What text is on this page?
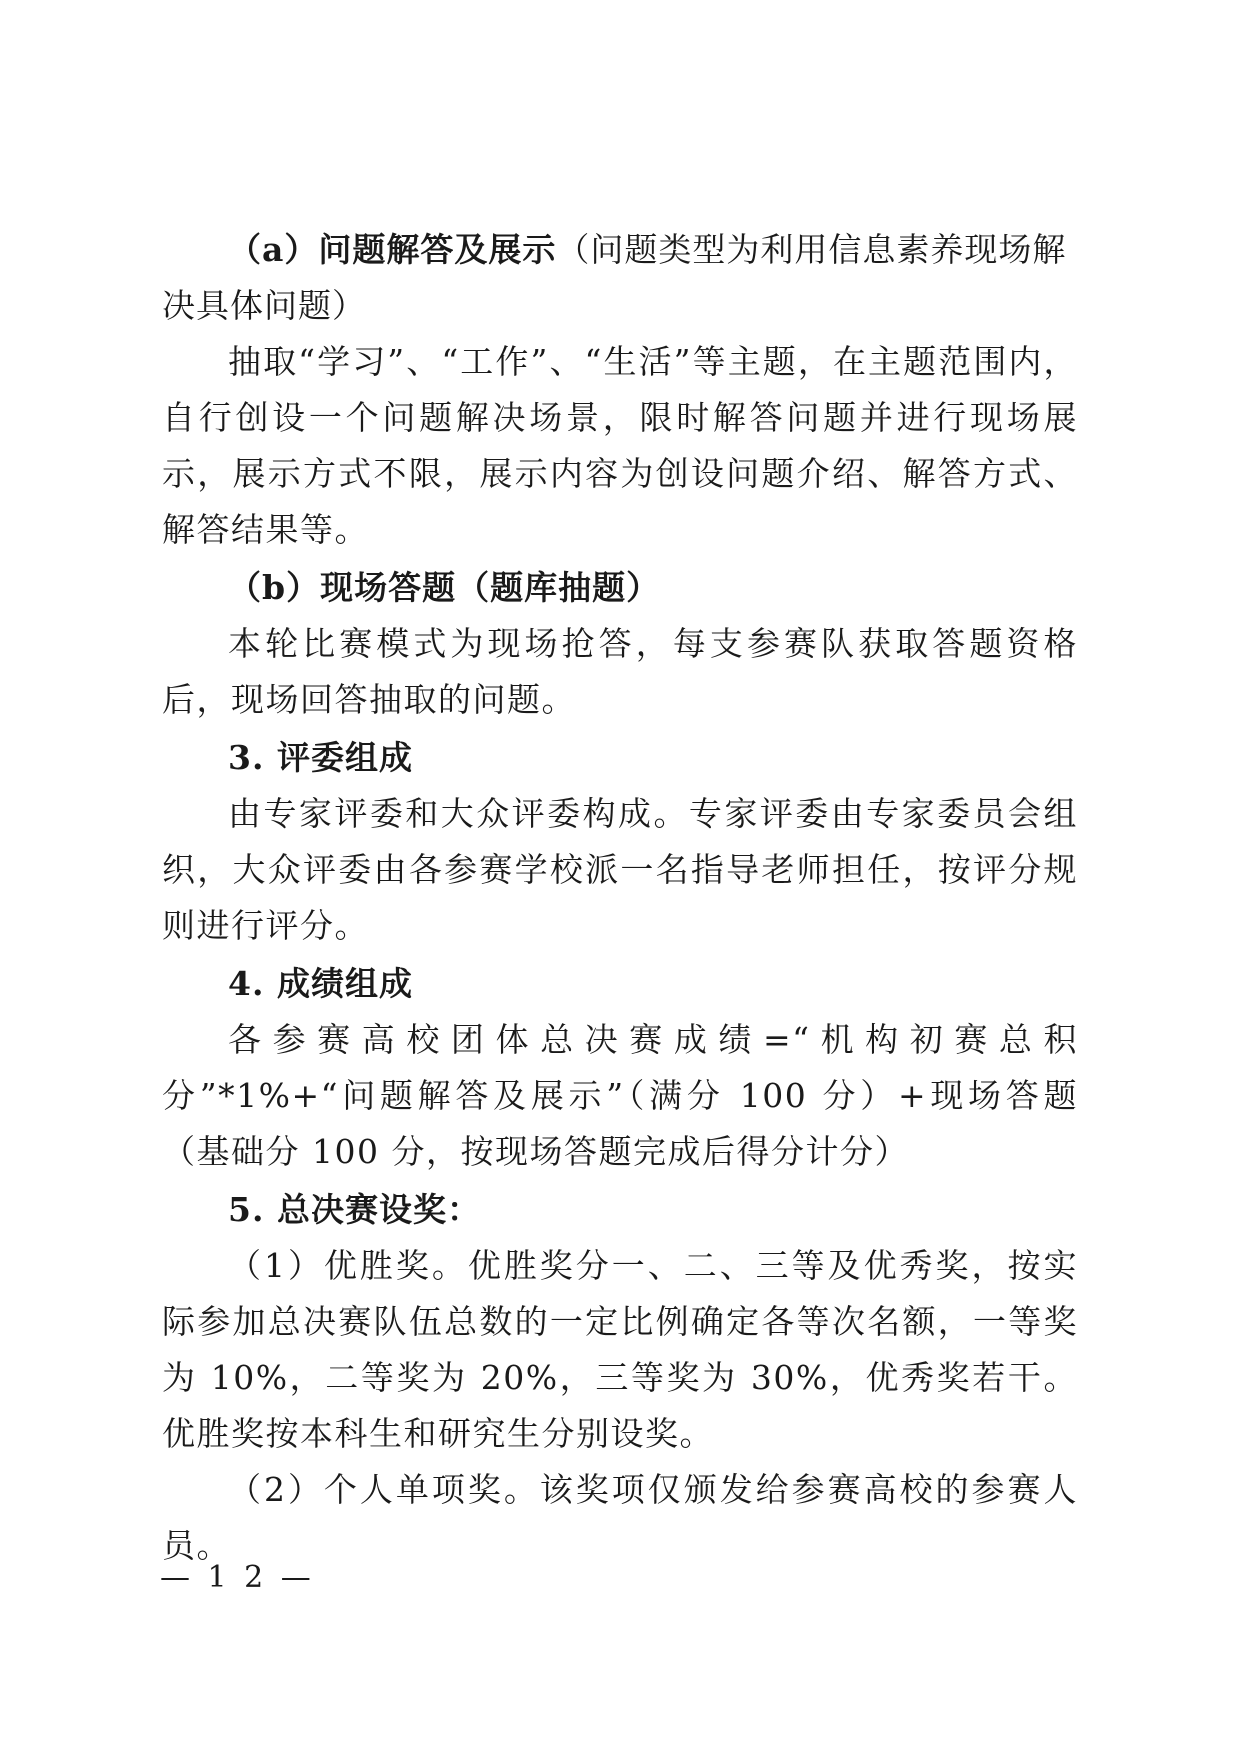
（a）问题解答及展示（问题类型为利用信息素养现场解决具体问题）

抽取“学习”、“工作”、“生活”等主题，在主题范围内，自行创设一个问题解决场景，限时解答问题并进行现场展示，展示方式不限，展示内容为创设问题介绍、解答方式、解答结果等。

（b）现场答题（题库抽题）

本轮比赛模式为现场抢答，每支参赛队获取答题资格后，现场回答抽取的问题。

3. 评委组成

由专家评委和大众评委构成。专家评委由专家委员会组织，大众评委由各参赛学校派一名指导老师担任，按评分规则进行评分。

4. 成绩组成

各参赛高校团体总决赛成绩=“机构初赛总积分”*1%+“问题解答及展示”（满分 100 分）+现场答题（基础分 100 分，按现场答题完成后得分计分）

5. 总决赛设奖：

（1）优胜奖。优胜奖分一、二、三等及优秀奖，按实际参加总决赛队伍总数的一定比例确定各等次名额，一等奖为 10%，二等奖为 20%，三等奖为 30%，优秀奖若干。优胜奖按本科生和研究生分别设奖。

（2）个人单项奖。该奖项仅颁发给参赛高校的参赛人员。

— 1 2 —
